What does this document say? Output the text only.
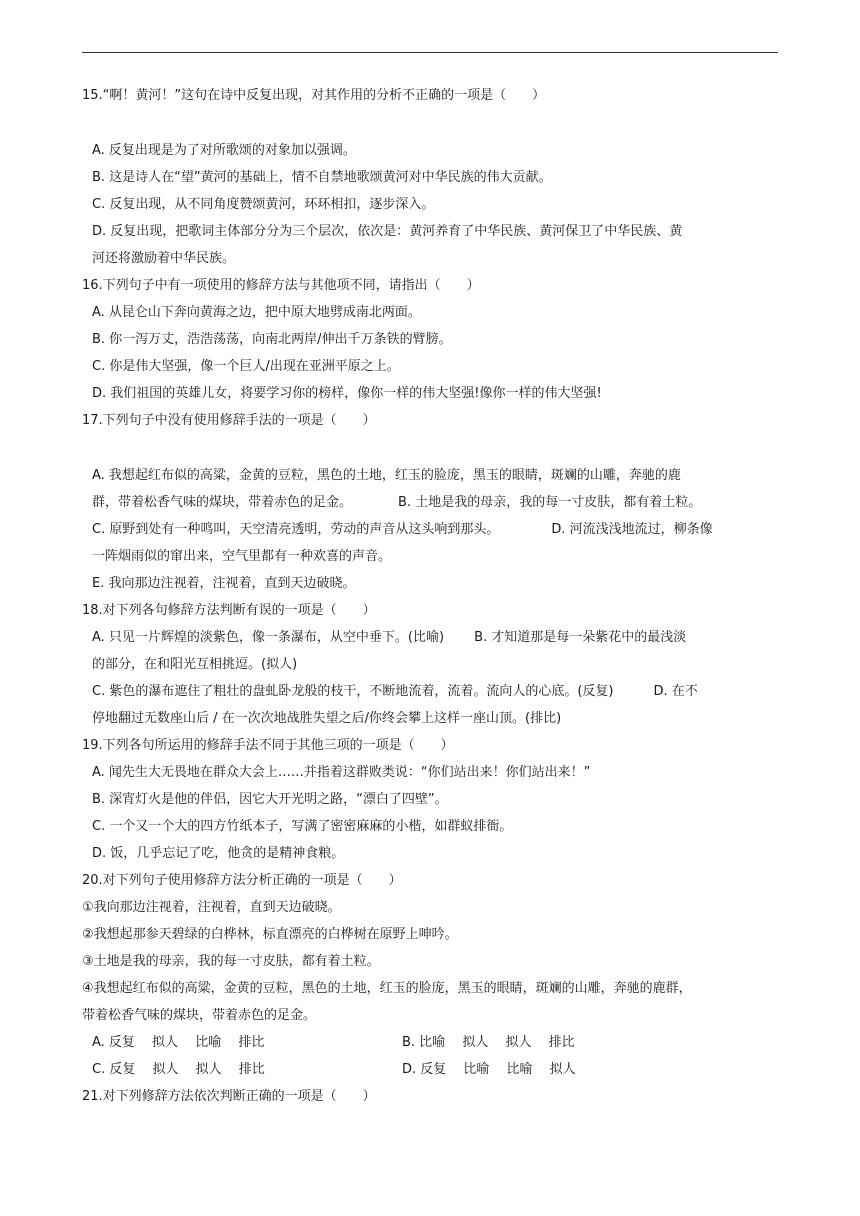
15.“啊！黄河！”这句在诗中反复出现，对其作用的分析不正确的一项是（　　）
A. 反复出现是为了对所歌颂的对象加以强调。
B. 这是诗人在“望”黄河的基础上，情不自禁地歌颂黄河对中华民族的伟大贡献。
C. 反复出现，从不同角度赞颂黄河，环环相扣，逐步深入。
D. 反复出现，把歌词主体部分分为三个层次，依次是：黄河养育了中华民族、黄河保卫了中华民族、黄
河还将激励着中华民族。
16.下列句子中有一项使用的修辞方法与其他项不同，请指出（　　）
A. 从昆仑山下奔向黄海之边，把中原大地劈成南北两面。
B. 你一泻万丈，浩浩荡荡，向南北两岸/伸出千万条铁的臂膀。
C. 你是伟大坚强，像一个巨人/出现在亚洲平原之上。
D. 我们祖国的英雄儿女，将要学习你的榜样，像你一样的伟大坚强!像你一样的伟大坚强!
17.下列句子中没有使用修辞手法的一项是（　　）
A. 我想起红布似的高粱，金黄的豆粒，黑色的土地，红玉的脸庞，黑玉的眼睛，斑斓的山雕，奔驰的鹿
群，带着松香气味的煤块，带着赤色的足金。	B. 土地是我的母亲，我的每一寸皮肤，都有着土粒。
C. 原野到处有一种鸣叫，天空清亮透明，劳动的声音从这头响到那头。	D. 河流浅浅地流过，柳条像
一阵烟雨似的窜出来，空气里都有一种欢喜的声音。
E. 我向那边注视着，注视着，直到天边破晓。
18.对下列各句修辞方法判断有误的一项是（　　）
A. 只见一片辉煌的淡紫色，像一条瀑布，从空中垂下。(比喻) B. 才知道那是每一朵紫花中的最浅淡
的部分，在和阳光互相挑逗。(拟人)
C. 紫色的瀑布遮住了粗壮的盘虬卧龙般的枝干，不断地流着，流着。流向人的心底。(反复)	D. 在不
停地翻过无数座山后 / 在一次次地战胜失望之后/你终会攀上这样一座山顶。(排比)
19.下列各句所运用的修辞手法不同于其他三项的一项是（　　）
A. 闻先生大无畏地在群众大会上……并指着这群败类说：“你们站出来！你们站出来！”
B. 深宵灯火是他的伴侣，因它大开光明之路，“漂白了四壁”。
C. 一个又一个大的四方竹纸本子，写满了密密麻麻的小楷，如群蚁排衙。
D. 饭，几乎忘记了吃，他贪的是精神食粮。
20.对下列句子使用修辞方法分析正确的一项是（　　）
①我向那边注视着，注视着，直到天边破晓。
②我想起那参天碧绿的白桦林，标直漂亮的白桦树在原野上呻吟。
③土地是我的母亲，我的每一寸皮肤，都有着土粒。
④我想起红布似的高粱，金黄的豆粒，黑色的土地，红玉的脸庞，黑玉的眼睛，斑斓的山雕，奔驰的鹿群，
带着松香气味的煤块，带着赤色的足金。
A. 反复　 拟人　 比喻　 排比	B. 比喻　 拟人　 拟人　 排比
C. 反复　 拟人　 拟人　 排比	D. 反复　 比喻　 比喻　 拟人
21.对下列修辞方法依次判断正确的一项是（　　）
